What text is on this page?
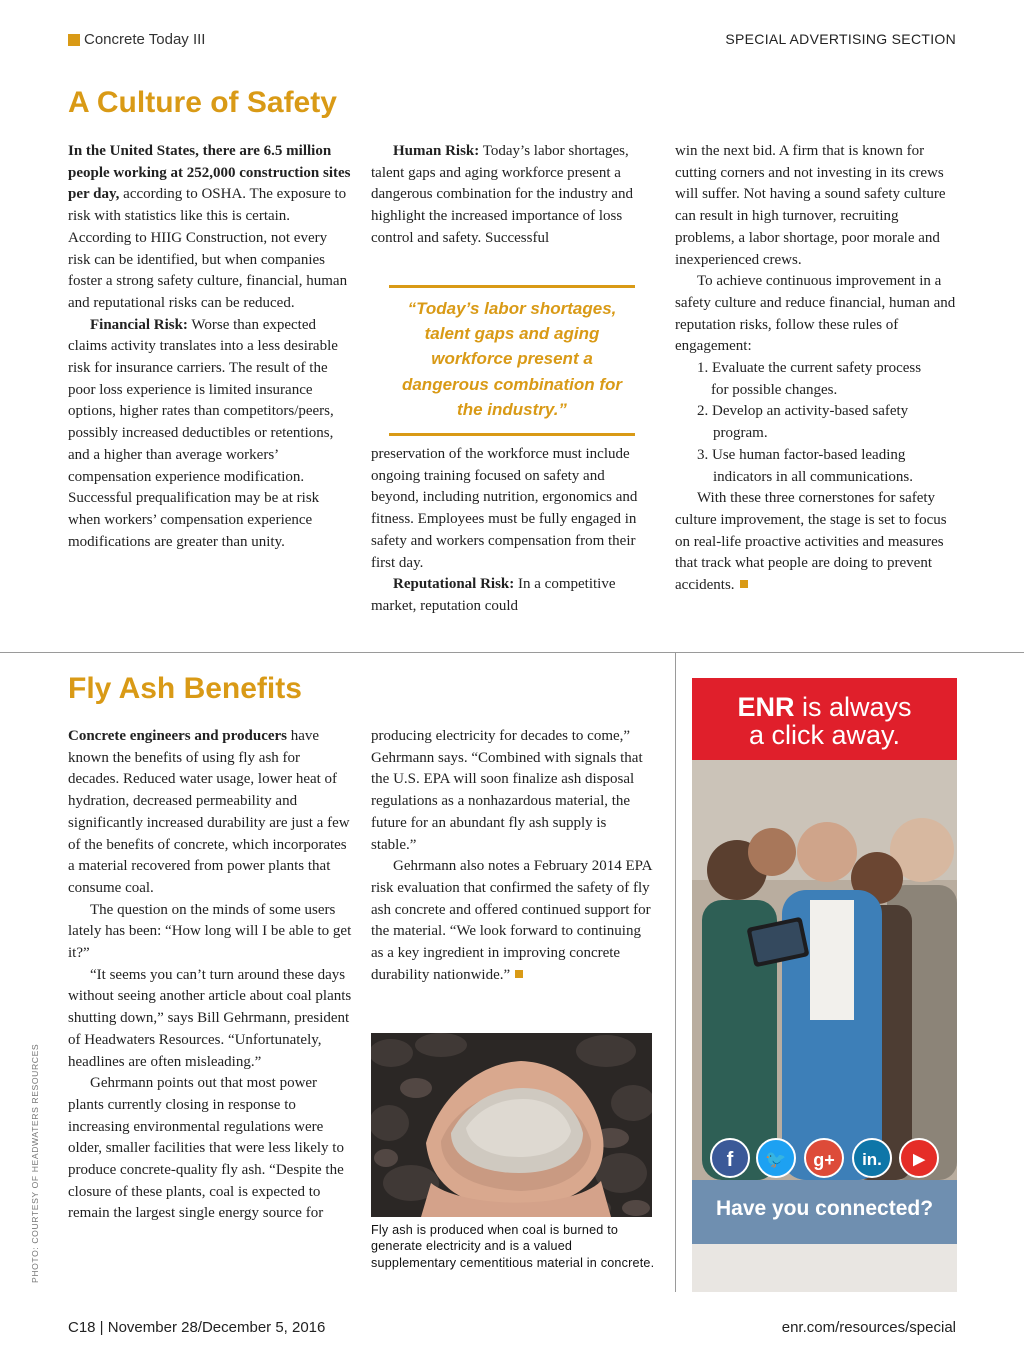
Concrete Today III	SPECIAL ADVERTISING SECTION
A Culture of Safety

In the United States, there are 6.5 million people working at 252,000 construction sites per day, according to OSHA. The exposure to risk with statistics like this is certain. According to HIIG Construction, not every risk can be identified, but when companies foster a strong safety culture, financial, human and reputational risks can be reduced.

Financial Risk: Worse than expected claims activity translates into a less desirable risk for insurance carriers. The result of the poor loss experience is limited insurance options, higher rates than competitors/peers, possibly increased deductibles or retentions, and a higher than average workers’ compensation experience modification. Successful prequalification may be at risk when workers’ compensation experience modifications are greater than unity.

Human Risk: Today’s labor shortages, talent gaps and aging workforce present a dangerous combination for the industry and highlight the increased importance of loss control and safety. Successful

“Today’s labor shortages, talent gaps and aging workforce present a dangerous combination for the industry.”

preservation of the workforce must include ongoing training focused on safety and beyond, including nutrition, ergonomics and fitness. Employees must be fully engaged in safety and workers compensation from their first day.

Reputational Risk: In a competitive market, reputation could

win the next bid. A firm that is known for cutting corners and not investing in its crews will suffer. Not having a sound safety culture can result in high turnover, recruiting problems, a labor shortage, poor morale and inexperienced crews.

To achieve continuous improvement in a safety culture and reduce financial, human and reputation risks, follow these rules of engagement:

1. Evaluate the current safety process
for possible changes.
2. Develop an activity-based safety
program.
3. Use human factor-based leading
indicators in all communications.

With these three cornerstones for safety culture improvement, the stage is set to focus on real-life proactive activities and measures that track what people are doing to prevent accidents.

Fly Ash Benefits

Concrete engineers and producers have known the benefits of using fly ash for decades. Reduced water usage, lower heat of hydration, decreased permeability and significantly increased durability are just a few of the benefits of concrete, which incorporates a material recovered from power plants that consume coal.

The question on the minds of some users lately has been: “How long will I be able to get it?”

“It seems you can’t turn around these days without seeing another article about coal plants shutting down,” says Bill Gehrmann, president of Headwaters Resources. “Unfortunately, headlines are often misleading.”

Gehrmann points out that most power plants currently closing in response to increasing environmental regulations were older, smaller facilities that were less likely to produce concrete-quality fly ash. “Despite the closure of these plants, coal is expected to remain the largest single energy source for

producing electricity for decades to come,” Gehrmann says. “Combined with signals that the U.S. EPA will soon finalize ash disposal regulations as a nonhazardous material, the future for an abundant fly ash supply is stable.”

Gehrmann also notes a February 2014 EPA risk evaluation that confirmed the safety of fly ash concrete and offered continued support for the material. “We look forward to continuing as a key ingredient in improving concrete durability nationwide.”

Fly ash is produced when coal is burned to generate electricity and is a valued supplementary cementitious material in concrete.
PHOTO: COURTESY OF HEADWATERS RESOURCES
ENR is always
a click away.
f	🐦	g+	in.	▶
Have you connected?
C18 | November 28/December 5, 2016	enr.com/resources/special
